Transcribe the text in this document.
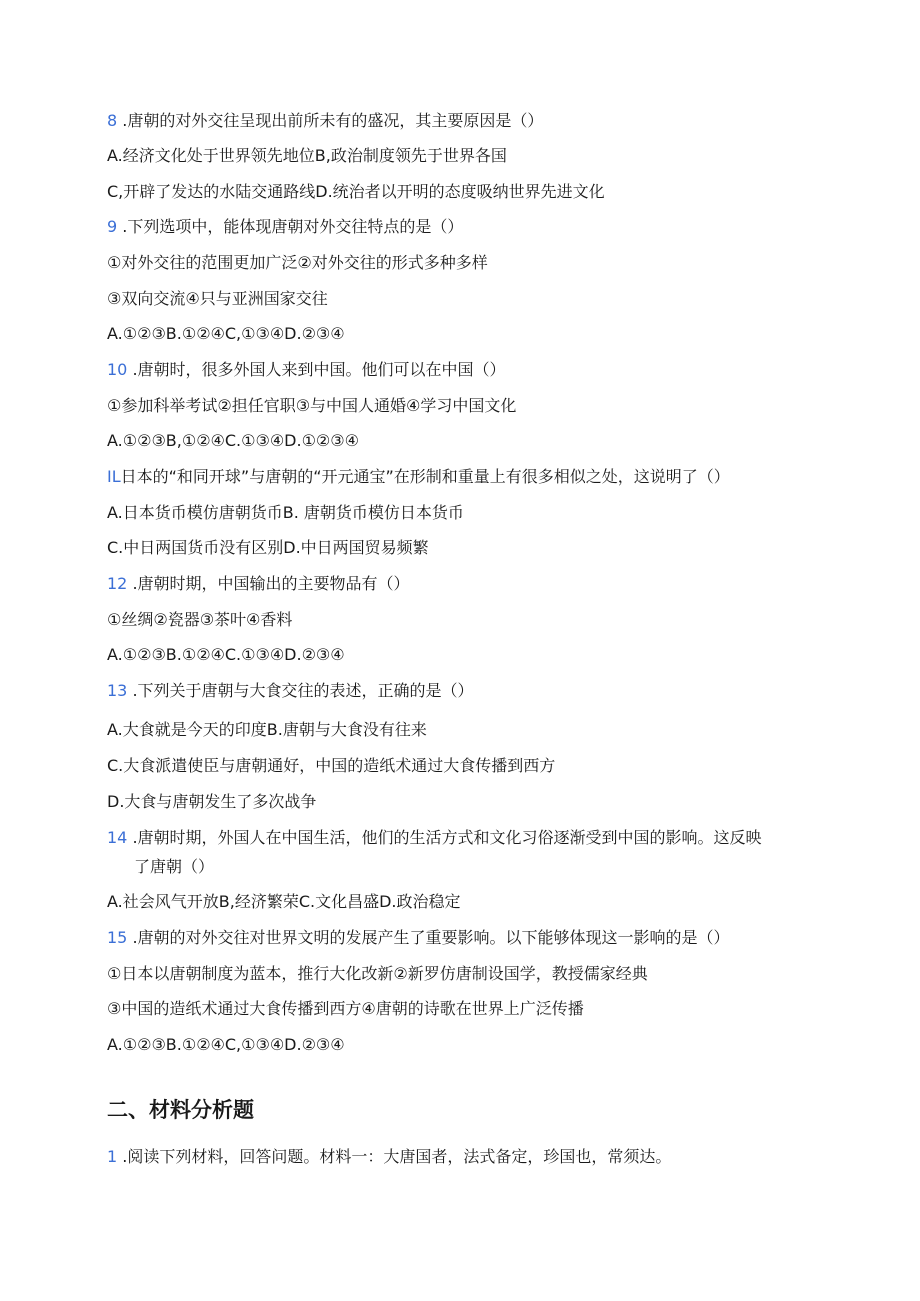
8 .唐朝的对外交往呈现出前所未有的盛况，其主要原因是（）
A.经济文化处于世界领先地位B,政治制度领先于世界各国
C,开辟了发达的水陆交通路线D.统治者以开明的态度吸纳世界先进文化
9 .下列选项中，能体现唐朝对外交往特点的是（）
①对外交往的范围更加广泛②对外交往的形式多种多样
③双向交流④只与亚洲国家交往
A.①②③B.①②④C,①③④D.②③④
10 .唐朝时，很多外国人来到中国。他们可以在中国（）
①参加科举考试②担任官职③与中国人通婚④学习中国文化
A.①②③B,①②④C.①③④D.①②③④
IL日本的“和同开球”与唐朝的“开元通宝”在形制和重量上有很多相似之处，这说明了（）
A.日本货币模仿唐朝货币B. 唐朝货币模仿日本货币
C.中日两国货币没有区别D.中日两国贸易频繁
12 .唐朝时期，中国输出的主要物品有（）
①丝绸②瓷器③茶叶④香料
A.①②③B.①②④C.①③④D.②③④
13 .下列关于唐朝与大食交往的表述，正确的是（）
A.大食就是今天的印度B.唐朝与大食没有往来
C.大食派遣使臣与唐朝通好，中国的造纸术通过大食传播到西方
D.大食与唐朝发生了多次战争
14 .唐朝时期，外国人在中国生活，他们的生活方式和文化习俗逐渐受到中国的影响。这反映
了唐朝（）
A.社会风气开放B,经济繁荣C.文化昌盛D.政治稳定
15 .唐朝的对外交往对世界文明的发展产生了重要影响。以下能够体现这一影响的是（）
①日本以唐朝制度为蓝本，推行大化改新②新罗仿唐制设国学，教授儒家经典
③中国的造纸术通过大食传播到西方④唐朝的诗歌在世界上广泛传播
A.①②③B.①②④C,①③④D.②③④
二、材料分析题
1 .阅读下列材料，回答问题。材料一：大唐国者，法式备定，珍国也，常须达。
